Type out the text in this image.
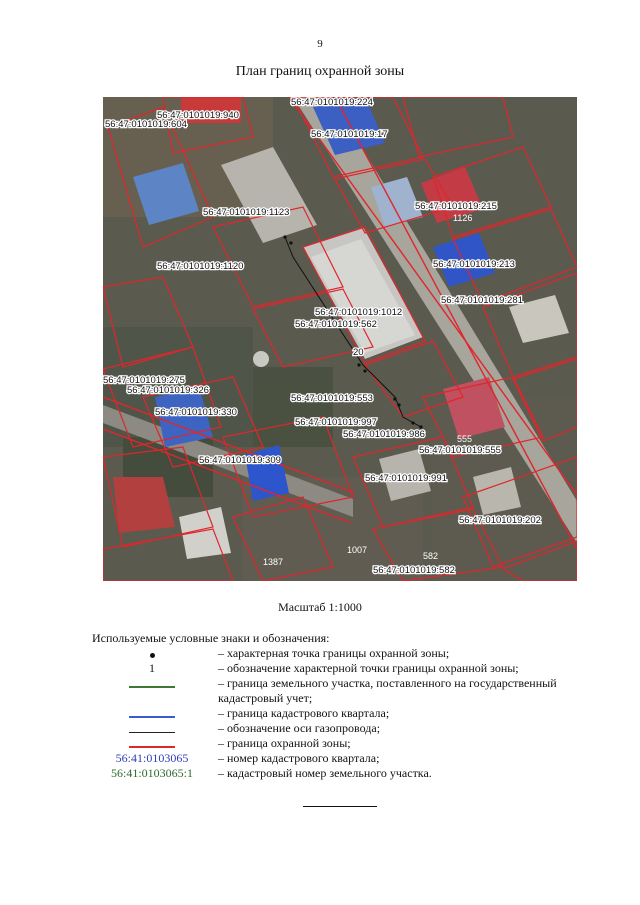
9
План границ охранной зоны
56:47:0101019:940
56:47:0101019:604
56:47:0101019:224
56:47:0101019:17
56:47:0101019:1123
56:47:0101019:215
56:47:0101019:1120	56:47:0101019:213
56:47:0101019:281
56:47:0101019:1012
56:47:0101019:562
56:47:0101019:275
56:47:0101019:326
56:47:0101019:330
56:47:0101019:553
56:47:0101019:555
56:47:0101019:997
56:47:0101019:986
56:47:0101019:309
56:47:0101019:991
56:47:0101019:202
56:47:0101019:582
1126
555
1007
582
1387
20
Масштаб 1:1000
Используемые условные знаки и обозначения:
– характерная точка границы охранной зоны;
1	– обозначение характерной точки границы охранной зоны;
– граница земельного участка, поставленного на государственный кадастровый учет;
– граница кадастрового квартала;
– обозначение оси газопровода;
– граница охранной зоны;
56:41:0103065	– номер кадастрового квартала;
56:41:0103065:1	– кадастровый номер земельного участка.
